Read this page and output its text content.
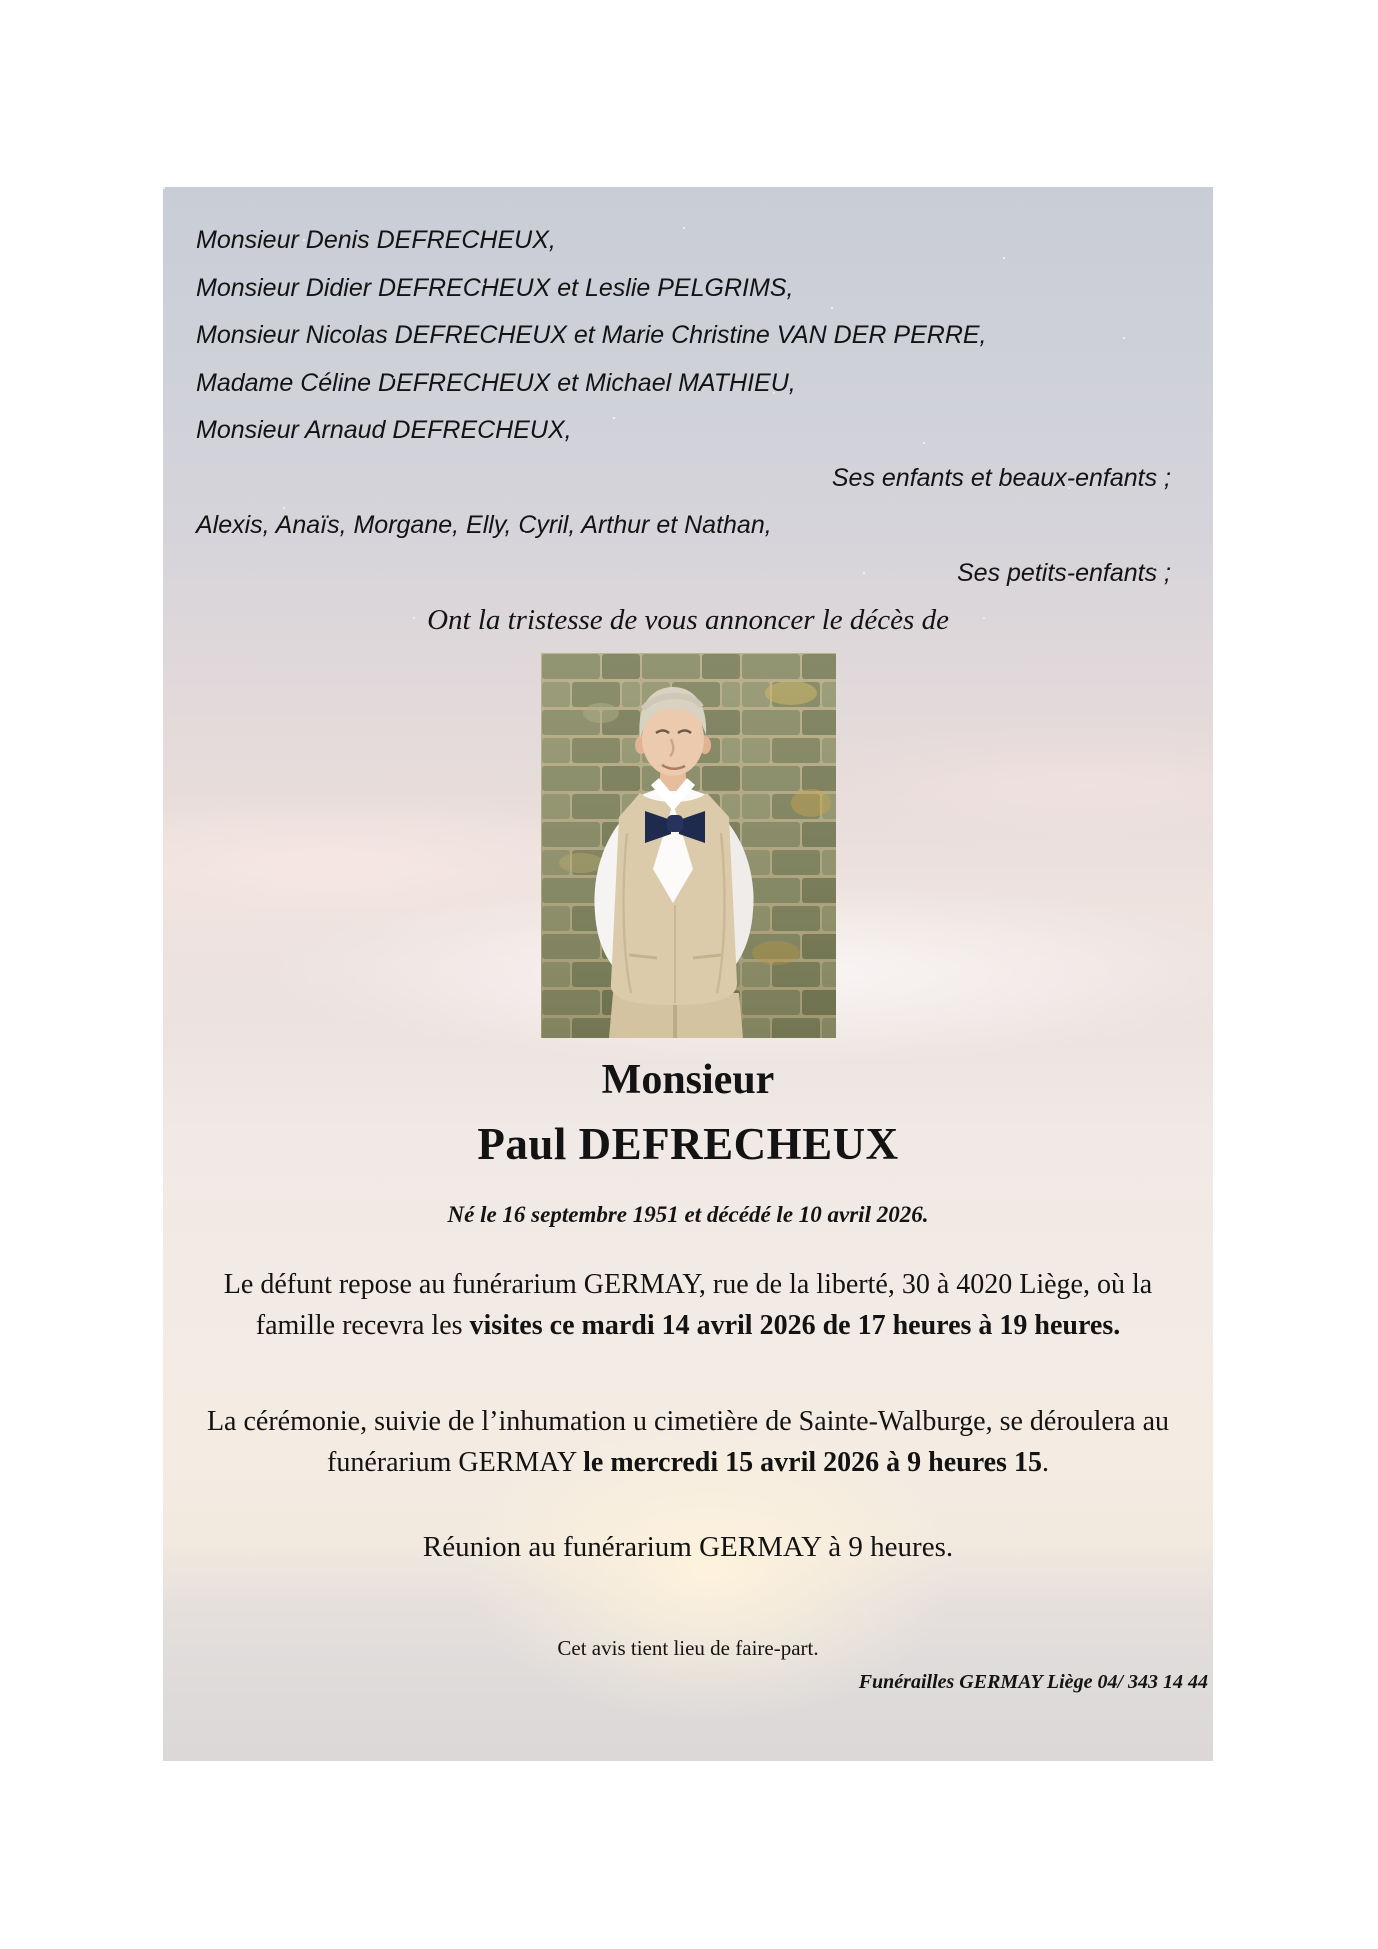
Monsieur Denis DEFRECHEUX,
Monsieur Didier DEFRECHEUX et Leslie PELGRIMS,
Monsieur Nicolas DEFRECHEUX et Marie Christine VAN DER PERRE,
Madame Céline DEFRECHEUX et Michael MATHIEU,
Monsieur Arnaud DEFRECHEUX,
Ses enfants et beaux-enfants ;
Alexis, Anaïs, Morgane, Elly, Cyril, Arthur et Nathan,
Ses petits-enfants ;
Ont la tristesse de vous annoncer le décès de
Monsieur
Paul DEFRECHEUX
Né le 16 septembre 1951 et décédé le 10 avril 2026.
Le défunt repose au funérarium GERMAY, rue de la liberté, 30 à 4020 Liège, où la famille recevra les visites ce mardi 14 avril 2026 de 17 heures à 19 heures.
La cérémonie, suivie de l’inhumation u cimetière de Sainte-Walburge, se déroulera au funérarium GERMAY le mercredi 15 avril 2026 à 9 heures 15.
Réunion au funérarium GERMAY à 9 heures.
Cet avis tient lieu de faire-part.
Funérailles GERMAY Liège 04/ 343 14 44
